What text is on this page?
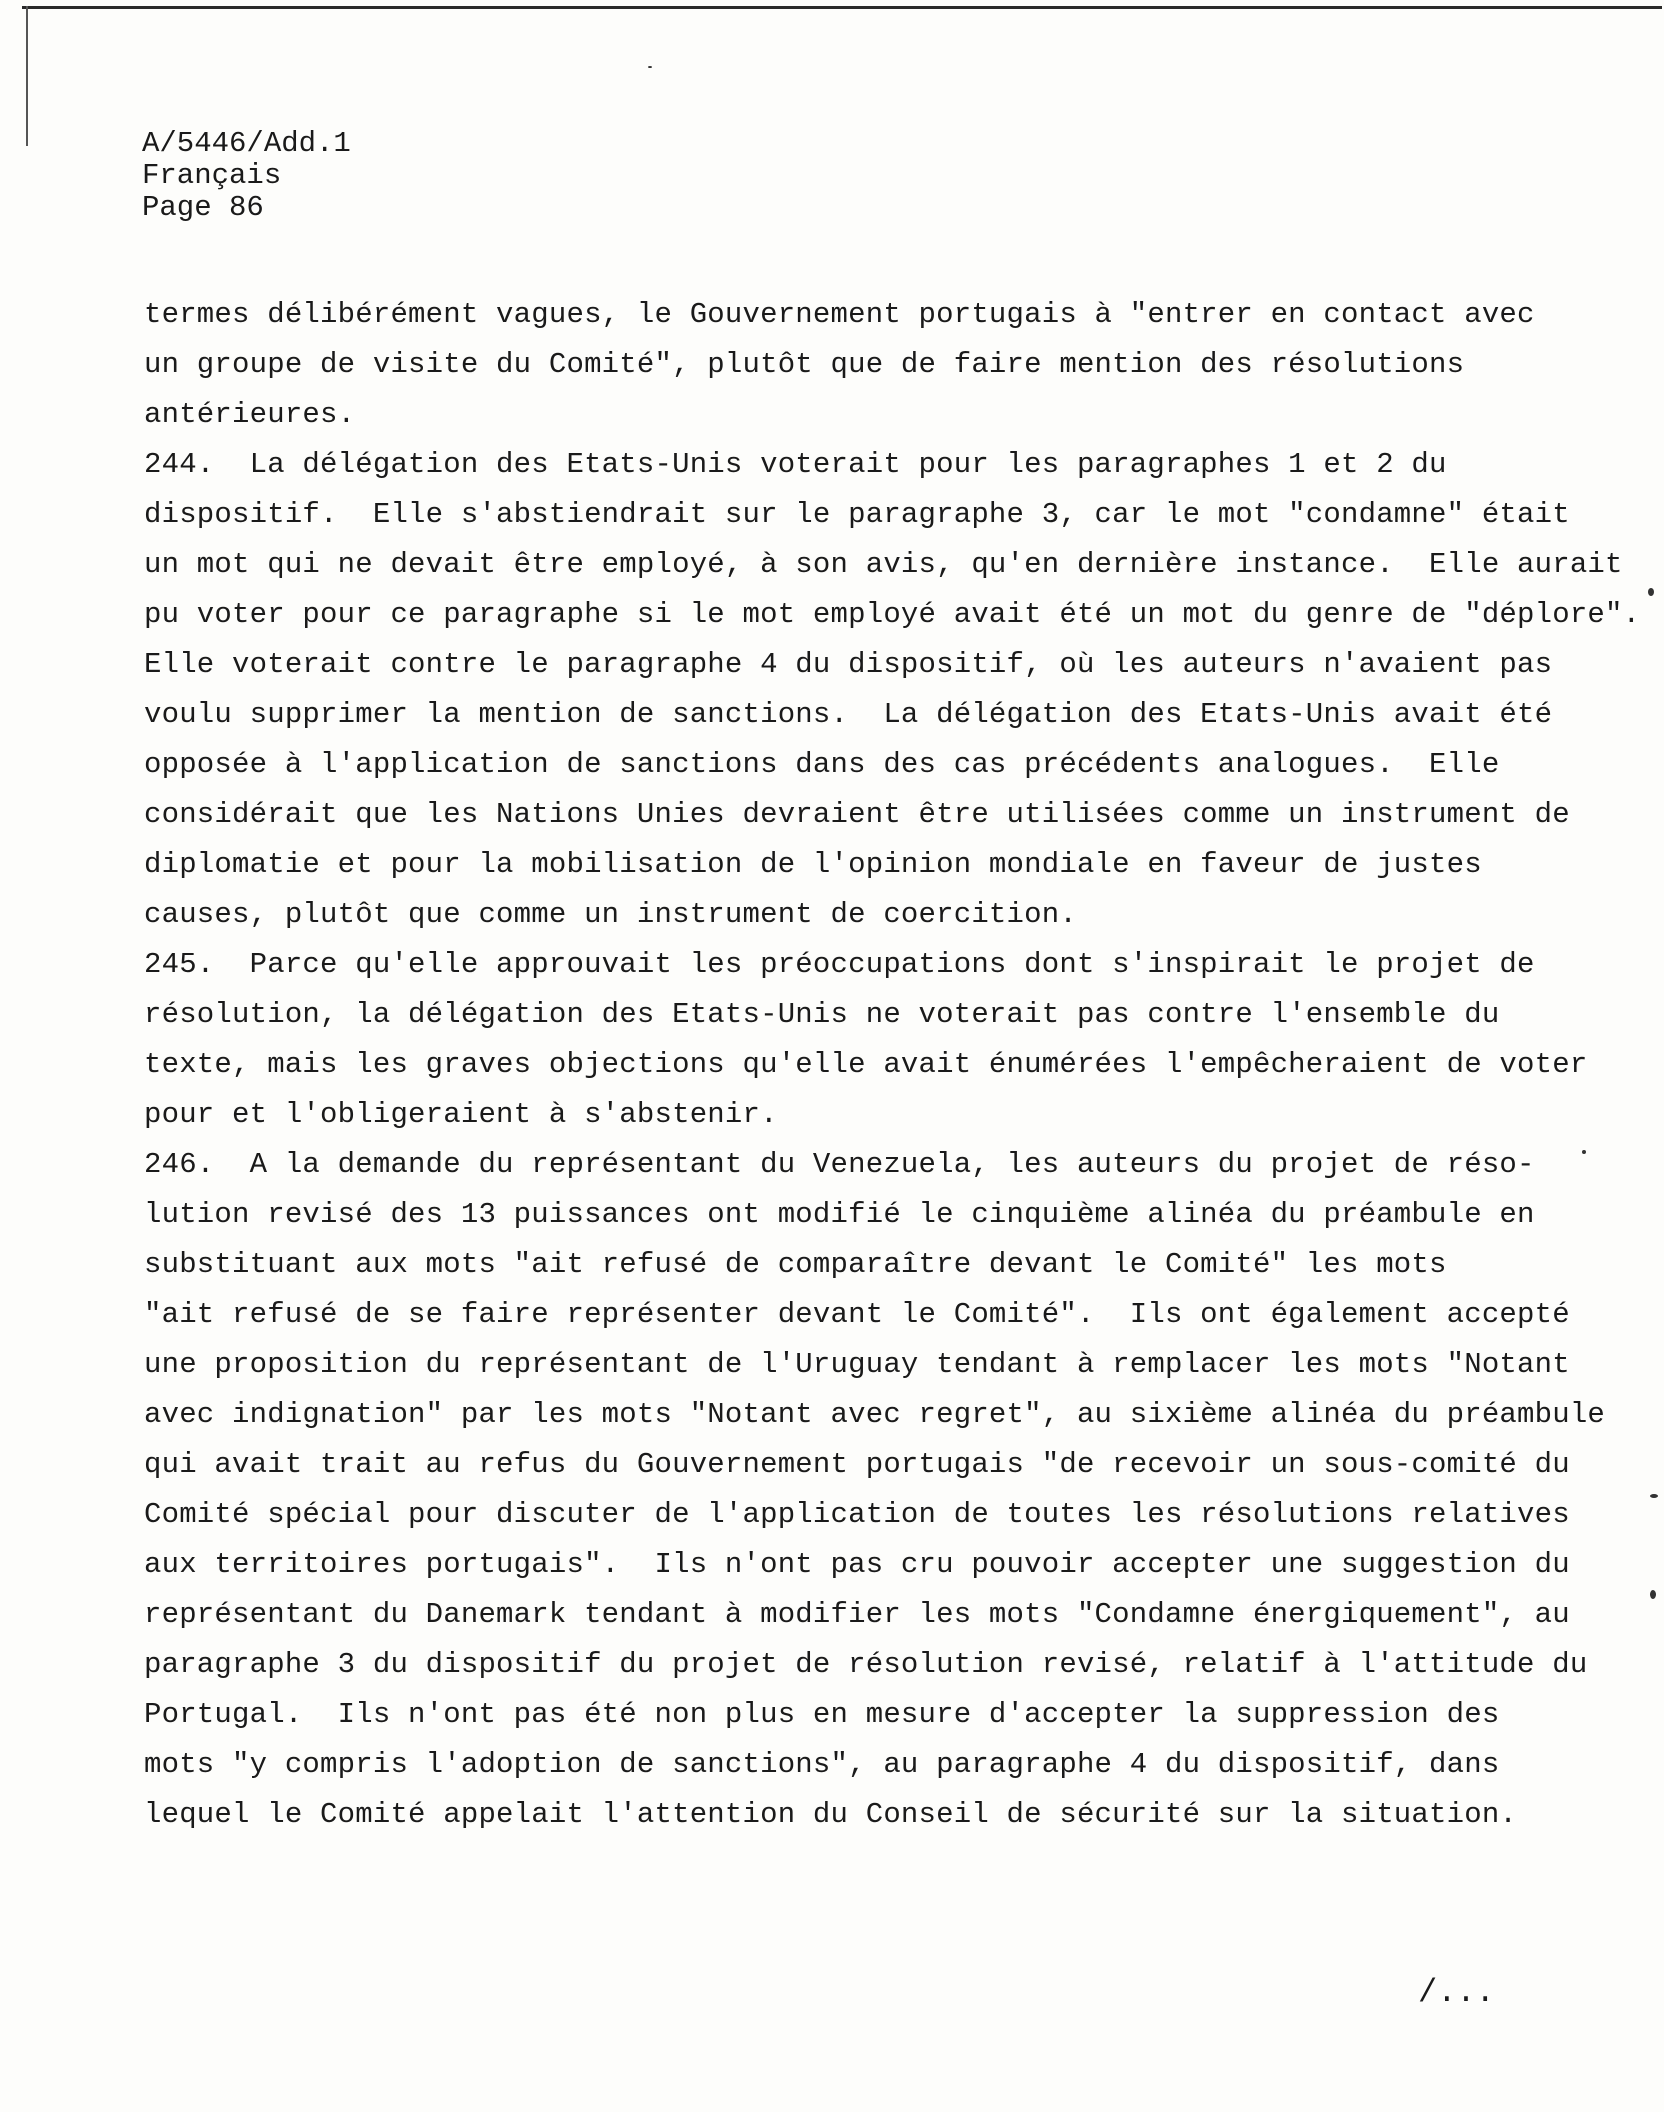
A/5446/Add.1
Français
Page 86
termes délibérément vagues, le Gouvernement portugais à "entrer en contact avec
un groupe de visite du Comité", plutôt que de faire mention des résolutions
antérieures.
244.  La délégation des Etats-Unis voterait pour les paragraphes 1 et 2 du
dispositif.  Elle s'abstiendrait sur le paragraphe 3, car le mot "condamne" était
un mot qui ne devait être employé, à son avis, qu'en dernière instance.  Elle aurait
pu voter pour ce paragraphe si le mot employé avait été un mot du genre de "déplore".
Elle voterait contre le paragraphe 4 du dispositif, où les auteurs n'avaient pas
voulu supprimer la mention de sanctions.  La délégation des Etats-Unis avait été
opposée à l'application de sanctions dans des cas précédents analogues.  Elle
considérait que les Nations Unies devraient être utilisées comme un instrument de
diplomatie et pour la mobilisation de l'opinion mondiale en faveur de justes
causes, plutôt que comme un instrument de coercition.
245.  Parce qu'elle approuvait les préoccupations dont s'inspirait le projet de
résolution, la délégation des Etats-Unis ne voterait pas contre l'ensemble du
texte, mais les graves objections qu'elle avait énumérées l'empêcheraient de voter
pour et l'obligeraient à s'abstenir.
246.  A la demande du représentant du Venezuela, les auteurs du projet de réso-
lution revisé des 13 puissances ont modifié le cinquième alinéa du préambule en
substituant aux mots "ait refusé de comparaître devant le Comité" les mots
"ait refusé de se faire représenter devant le Comité".  Ils ont également accepté
une proposition du représentant de l'Uruguay tendant à remplacer les mots "Notant
avec indignation" par les mots "Notant avec regret", au sixième alinéa du préambule
qui avait trait au refus du Gouvernement portugais "de recevoir un sous-comité du
Comité spécial pour discuter de l'application de toutes les résolutions relatives
aux territoires portugais".  Ils n'ont pas cru pouvoir accepter une suggestion du
représentant du Danemark tendant à modifier les mots "Condamne énergiquement", au
paragraphe 3 du dispositif du projet de résolution revisé, relatif à l'attitude du
Portugal.  Ils n'ont pas été non plus en mesure d'accepter la suppression des
mots "y compris l'adoption de sanctions", au paragraphe 4 du dispositif, dans
lequel le Comité appelait l'attention du Conseil de sécurité sur la situation.
/...
